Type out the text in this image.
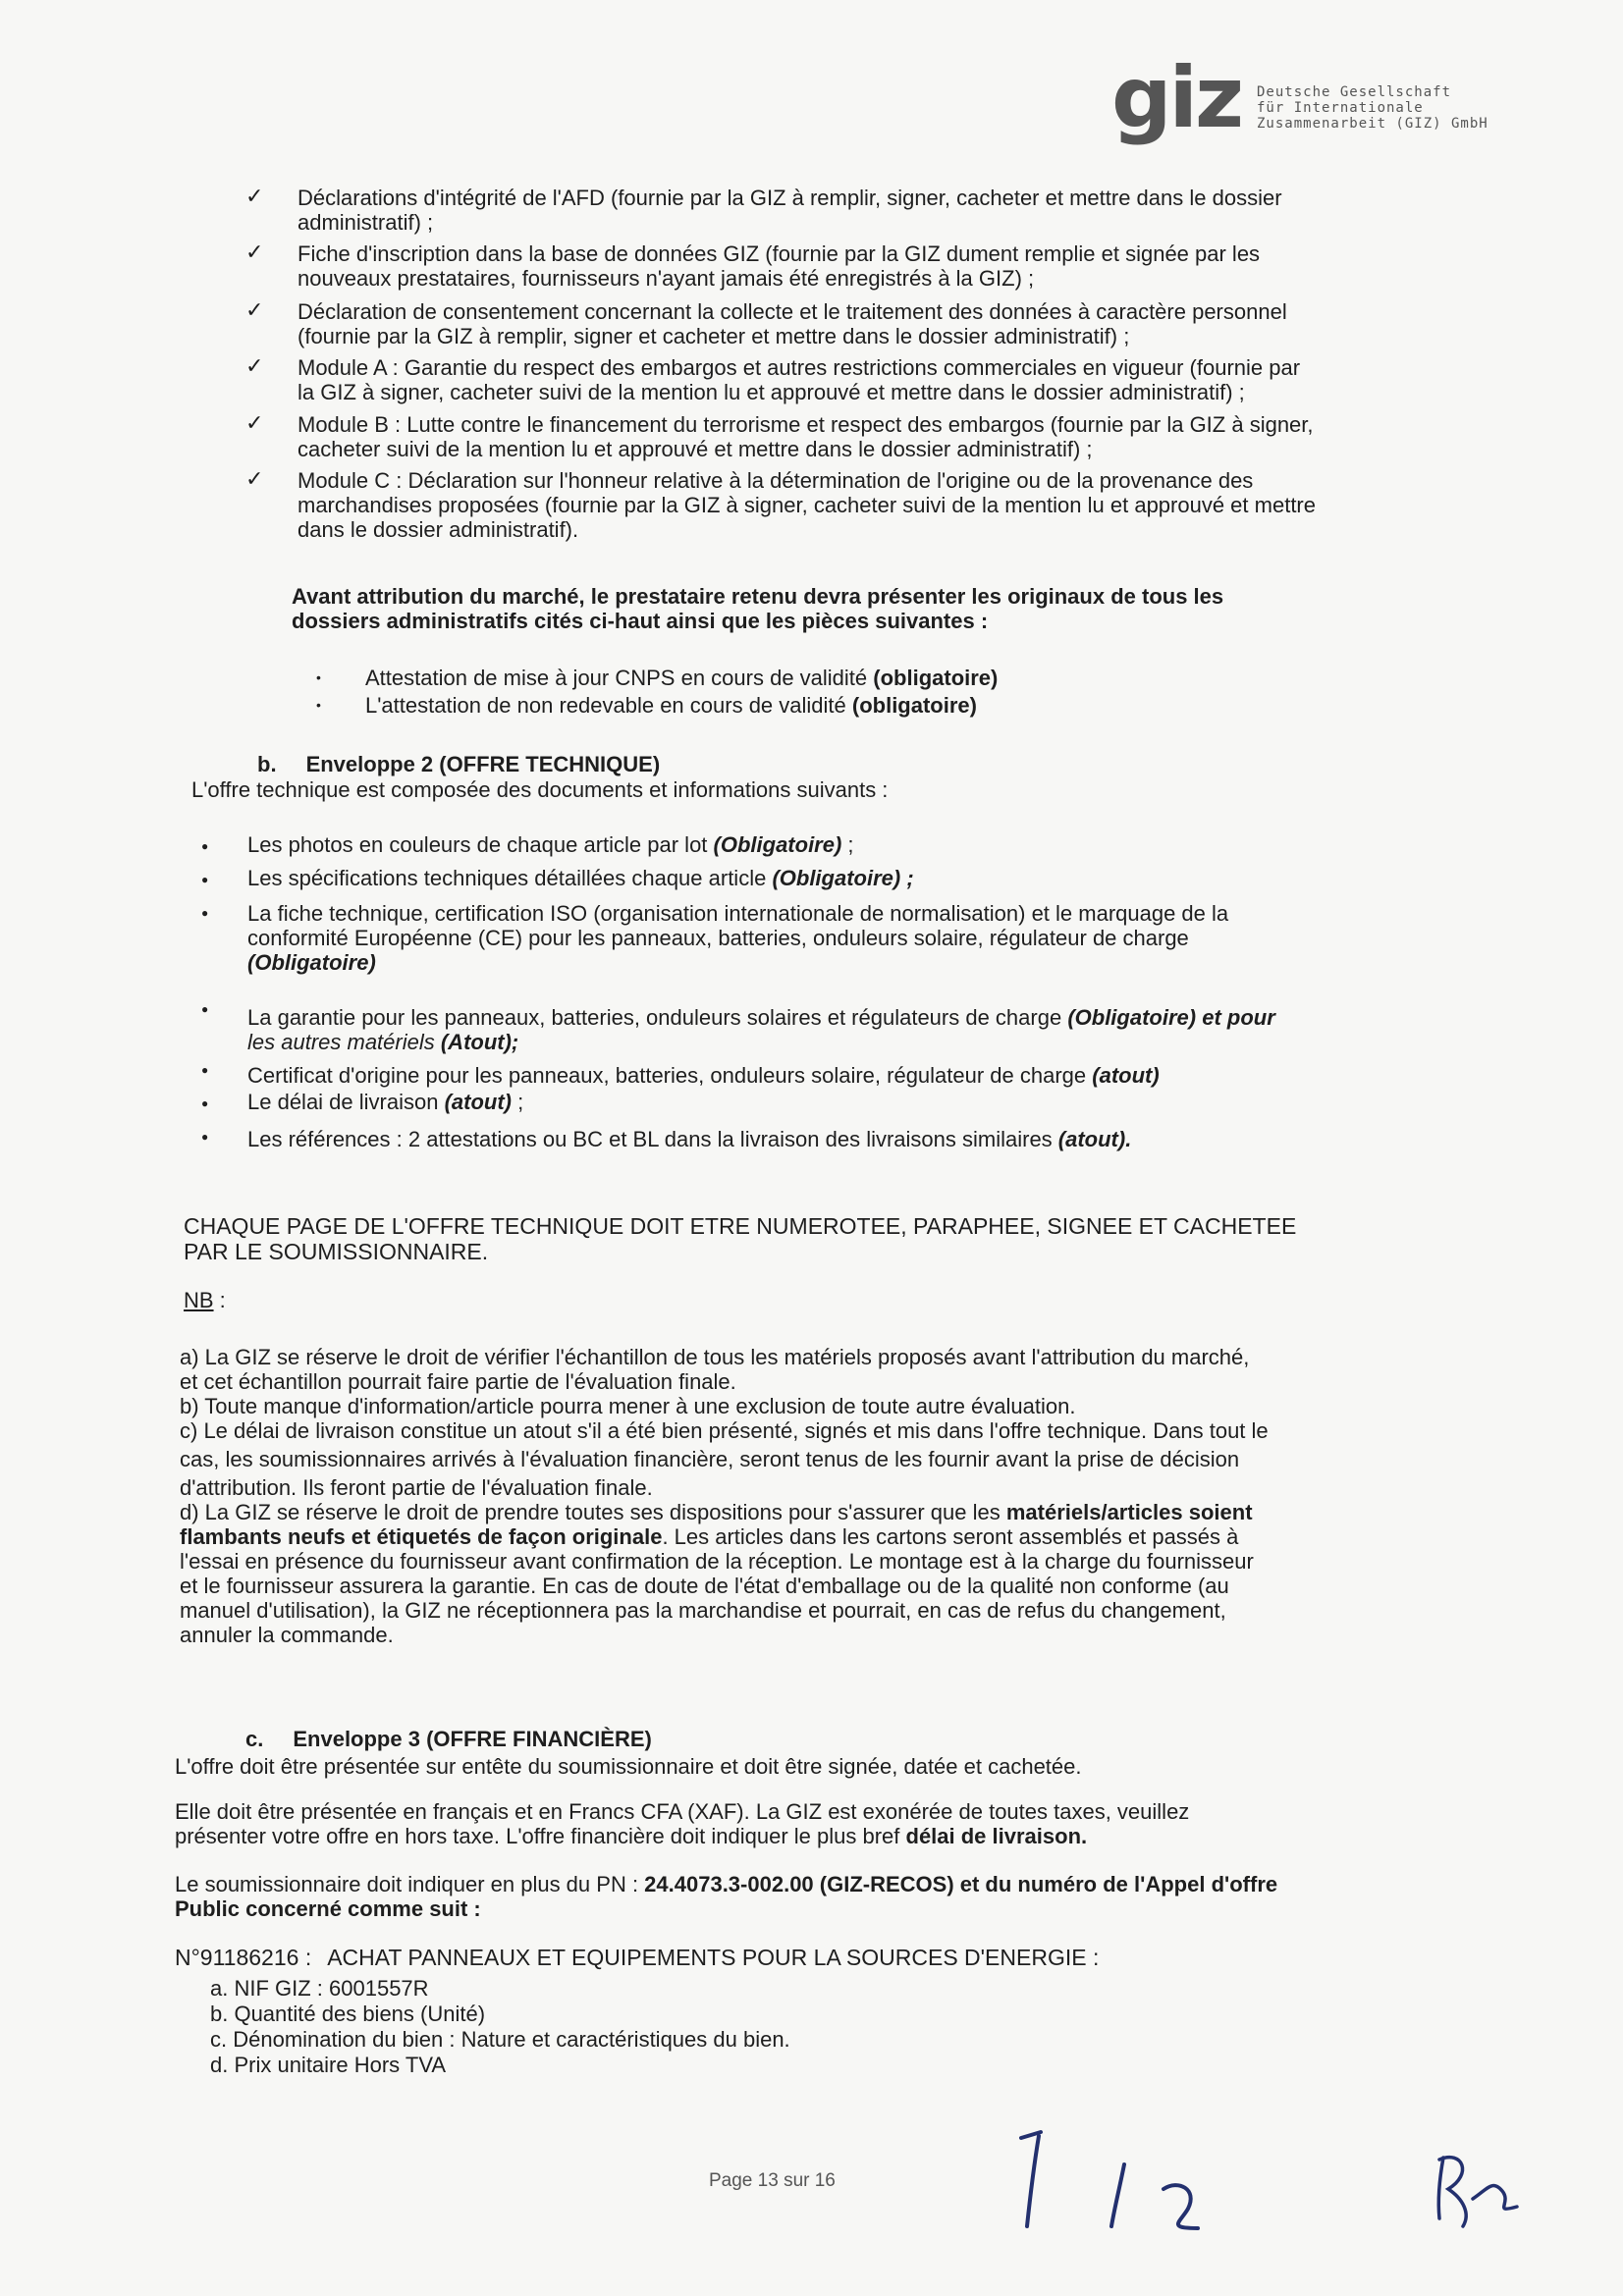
giz Deutsche Gesellschaft
für Internationale
Zusammenarbeit (GIZ) GmbH
✓ Déclarations d'intégrité de l'AFD (fournie par la GIZ à remplir, signer, cacheter et mettre dans le dossier
administratif) ;
✓ Fiche d'inscription dans la base de données GIZ (fournie par la GIZ dument remplie et signée par les
nouveaux prestataires, fournisseurs n'ayant jamais été enregistrés à la GIZ) ;
✓ Déclaration de consentement concernant la collecte et le traitement des données à caractère personnel
(fournie par la GIZ à remplir, signer et cacheter et mettre dans le dossier administratif) ;
✓ Module A : Garantie du respect des embargos et autres restrictions commerciales en vigueur (fournie par
la GIZ à signer, cacheter suivi de la mention lu et approuvé et mettre dans le dossier administratif) ;
✓ Module B : Lutte contre le financement du terrorisme et respect des embargos (fournie par la GIZ à signer,
cacheter suivi de la mention lu et approuvé et mettre dans le dossier administratif) ;
✓ Module C : Déclaration sur l'honneur relative à la détermination de l'origine ou de la provenance des
marchandises proposées (fournie par la GIZ à signer, cacheter suivi de la mention lu et approuvé et mettre
dans le dossier administratif).
Avant attribution du marché, le prestataire retenu devra présenter les originaux de tous les
dossiers administratifs cités ci-haut ainsi que les pièces suivantes :
• Attestation de mise à jour CNPS en cours de validité (obligatoire)
• L'attestation de non redevable en cours de validité (obligatoire)
b. Enveloppe 2 (OFFRE TECHNIQUE)
L'offre technique est composée des documents et informations suivants :
● Les photos en couleurs de chaque article par lot (Obligatoire) ;
● Les spécifications techniques détaillées chaque article (Obligatoire) ;
● La fiche technique, certification ISO (organisation internationale de normalisation) et le marquage de la
conformité Européenne (CE) pour les panneaux, batteries, onduleurs solaire, régulateur de charge
(Obligatoire)
● La garantie pour les panneaux, batteries, onduleurs solaires et régulateurs de charge (Obligatoire) et pour
les autres matériels (Atout);
● Certificat d'origine pour les panneaux, batteries, onduleurs solaire, régulateur de charge (atout)
● Le délai de livraison (atout) ;
● Les références : 2 attestations ou BC et BL dans la livraison des livraisons similaires (atout).
CHAQUE PAGE DE L'OFFRE TECHNIQUE DOIT ETRE NUMEROTEE, PARAPHEE, SIGNEE ET CACHETEE
PAR LE SOUMISSIONNAIRE.
NB :
a) La GIZ se réserve le droit de vérifier l'échantillon de tous les matériels proposés avant l'attribution du marché,
et cet échantillon pourrait faire partie de l'évaluation finale.
b) Toute manque d'information/article pourra mener à une exclusion de toute autre évaluation.
c) Le délai de livraison constitue un atout s'il a été bien présenté, signés et mis dans l'offre technique. Dans tout le
cas, les soumissionnaires arrivés à l'évaluation financière, seront tenus de les fournir avant la prise de décision
d'attribution. Ils feront partie de l'évaluation finale.
d) La GIZ se réserve le droit de prendre toutes ses dispositions pour s'assurer que les matériels/articles soient
flambants neufs et étiquetés de façon originale. Les articles dans les cartons seront assemblés et passés à
l'essai en présence du fournisseur avant confirmation de la réception. Le montage est à la charge du fournisseur
et le fournisseur assurera la garantie. En cas de doute de l'état d'emballage ou de la qualité non conforme (au
manuel d'utilisation), la GIZ ne réceptionnera pas la marchandise et pourrait, en cas de refus du changement,
annuler la commande.
c. Enveloppe 3 (OFFRE FINANCIÈRE)
L'offre doit être présentée sur entête du soumissionnaire et doit être signée, datée et cachetée.
Elle doit être présentée en français et en Francs CFA (XAF). La GIZ est exonérée de toutes taxes, veuillez
présenter votre offre en hors taxe. L'offre financière doit indiquer le plus bref délai de livraison.
Le soumissionnaire doit indiquer en plus du PN : 24.4073.3-002.00 (GIZ-RECOS) et du numéro de l'Appel d'offre
Public concerné comme suit :
N°91186216 : ACHAT PANNEAUX ET EQUIPEMENTS POUR LA SOURCES D'ENERGIE :
a. NIF GIZ : 6001557R
b. Quantité des biens (Unité)
c. Dénomination du bien : Nature et caractéristiques du bien.
d. Prix unitaire Hors TVA
Page 13 sur 16
